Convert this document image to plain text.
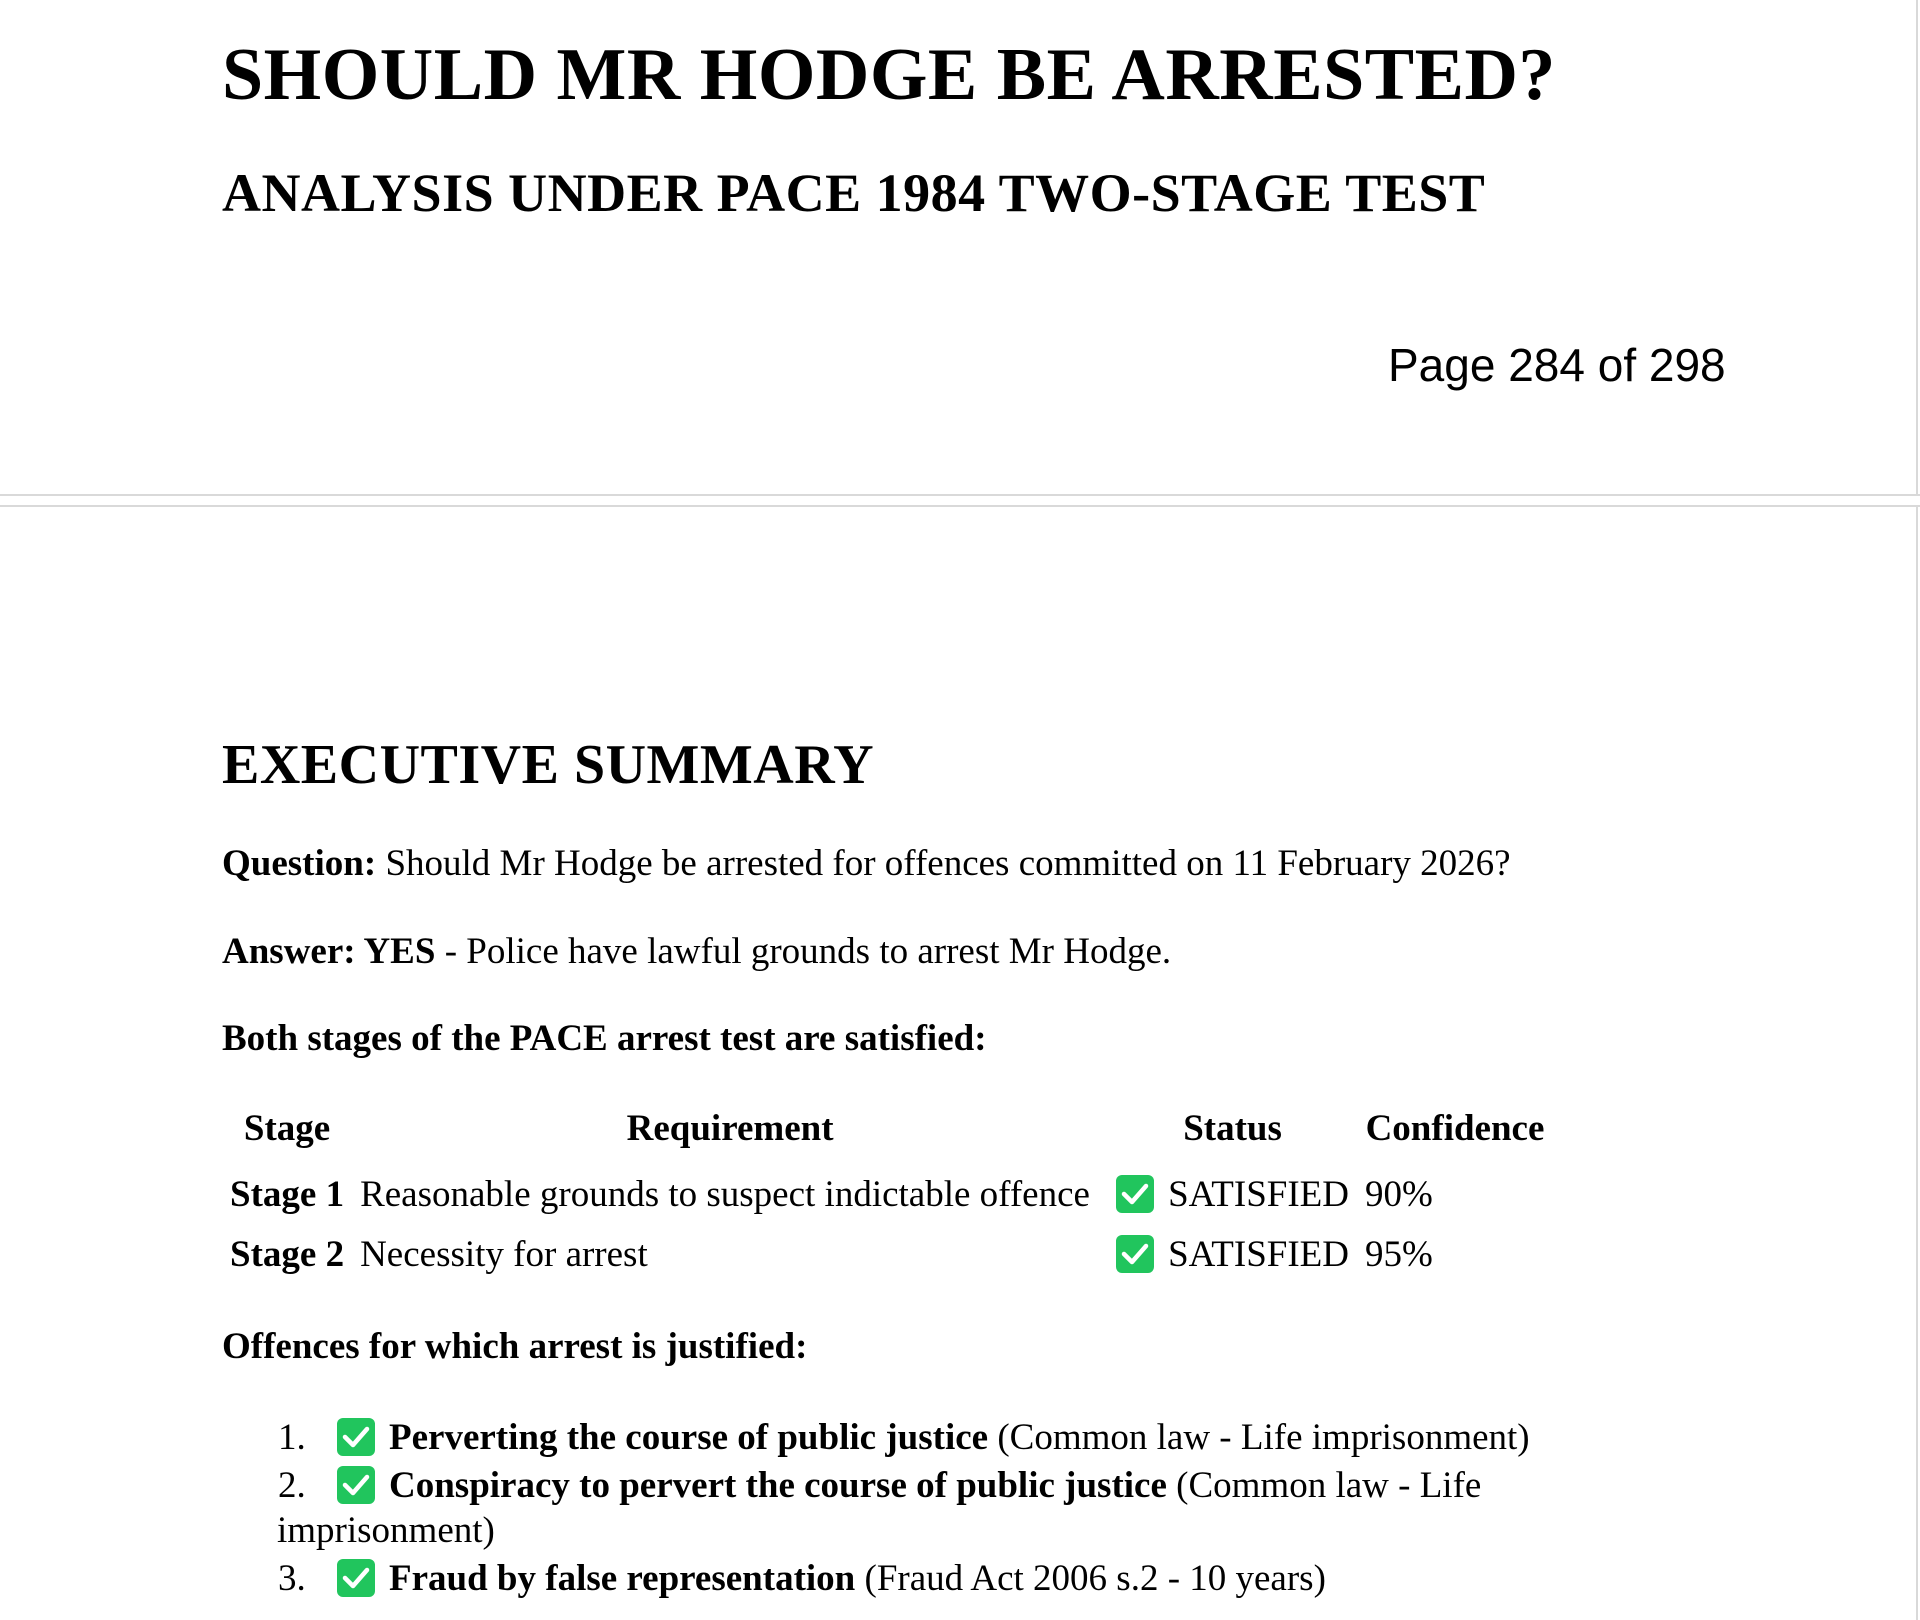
SHOULD MR HODGE BE ARRESTED?
ANALYSIS UNDER PACE 1984 TWO-STAGE TEST
Page 284 of 298
EXECUTIVE SUMMARY

Question: Should Mr Hodge be arrested for offences committed on 11 February 2026?

Answer: YES - Police have lawful grounds to arrest Mr Hodge.

Both stages of the PACE arrest test are satisfied:

Stage	Requirement	Status	Confidence
Stage 1	Reasonable grounds to suspect indictable offence	SATISFIED	90%
Stage 2	Necessity for arrest	SATISFIED	95%

Offences for which arrest is justified:

1. Perverting the course of public justice (Common law - Life imprisonment)
2.	Conspiracy to pervert the course of public justice (Common law - Life imprisonment)
3. Fraud by false representation (Fraud Act 2006 s.2 - 10 years)
